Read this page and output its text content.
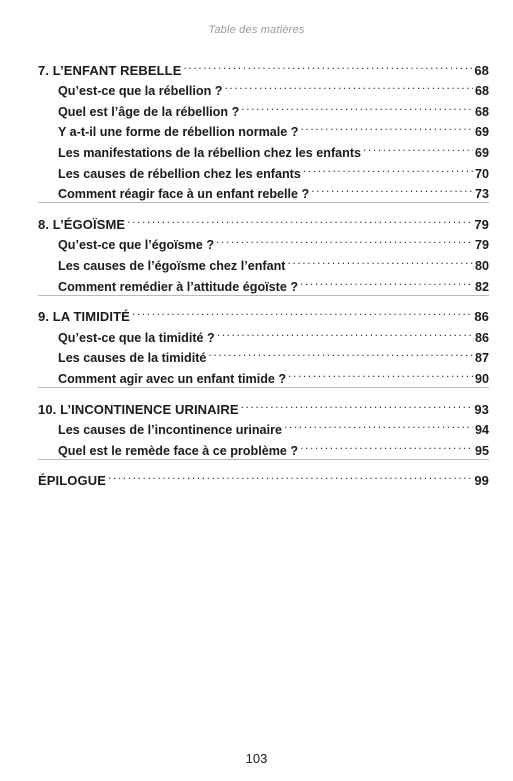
Table des matières
7. L’ENFANT REBELLE .....	68
Qu’est-ce que la rébellion ? .....	68
Quel est l’âge de la rébellion ? .....	68
Y a-t-il une forme de rébellion normale ? .....	69
Les manifestations de la rébellion chez les enfants .....	69
Les causes de rébellion chez les enfants .....	70
Comment réagir face à un enfant rebelle ? .....	73
8. L’ÉGOÏSME .....	79
Qu’est-ce que l’égoïsme ? .....	79
Les causes de l’égoïsme chez l’enfant .....	80
Comment remédier à l’attitude égoïste ? .....	82
9. LA TIMIDITÉ .....	86
Qu’est-ce que la timidité ? .....	86
Les causes de la timidité .....	87
Comment agir avec un enfant timide ? .....	90
10. L’INCONTINENCE URINAIRE .....	93
Les causes de l’incontinence urinaire .....	94
Quel est le remède face à ce problème ? .....	95
ÉPILOGUE .....	99
103
